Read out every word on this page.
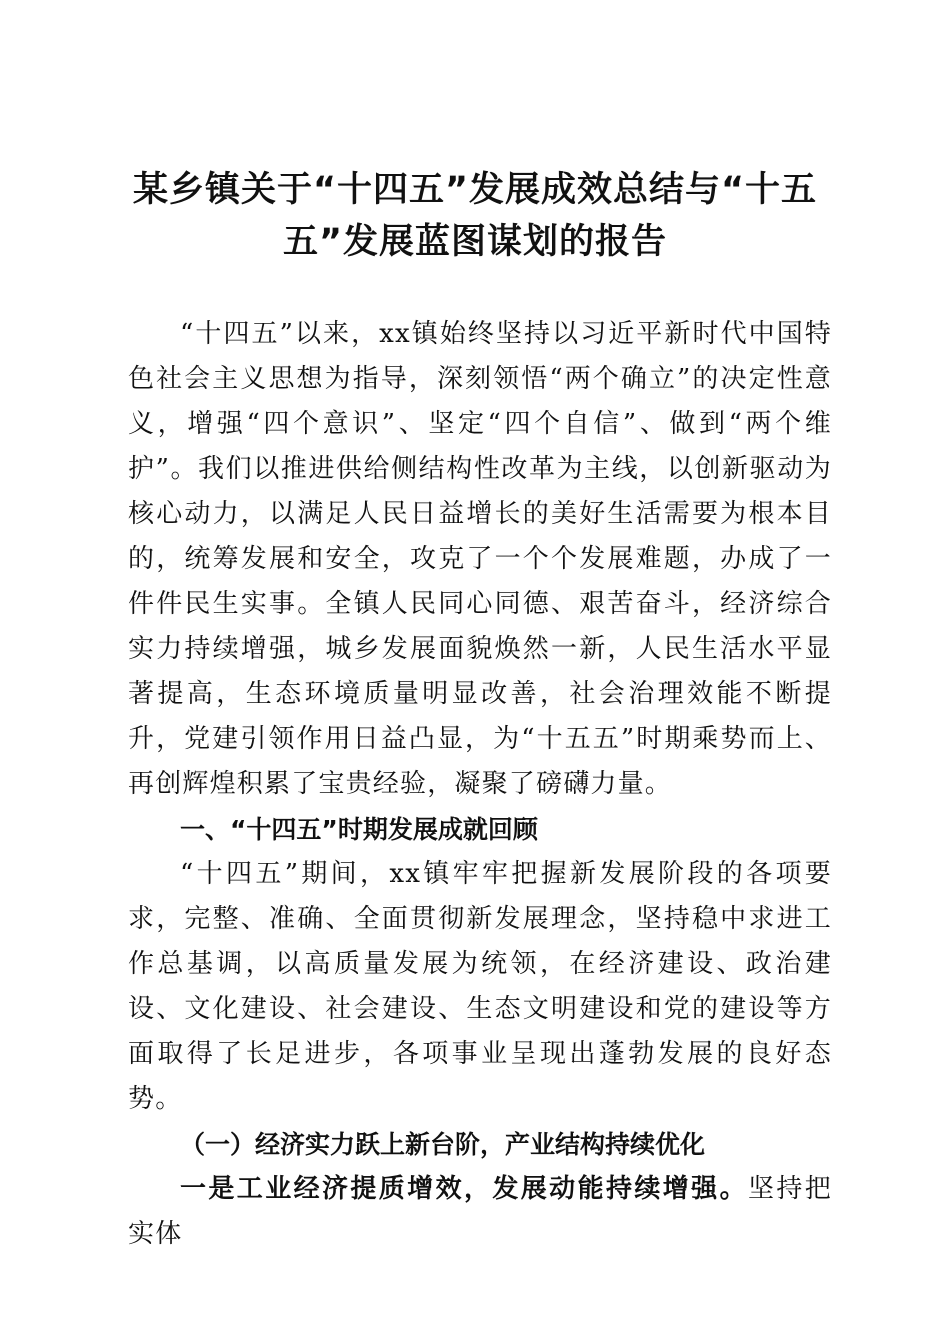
某乡镇关于“十四五”发展成效总结与“十五
五”发展蓝图谋划的报告

“十四五”以来，xx镇始终坚持以习近平新时代中国特色社会主义思想为指导，深刻领悟“两个确立”的决定性意义，增强“四个意识”、坚定“四个自信”、做到“两个维护”。我们以推进供给侧结构性改革为主线，以创新驱动为核心动力，以满足人民日益增长的美好生活需要为根本目的，统筹发展和安全，攻克了一个个发展难题，办成了一件件民生实事。全镇人民同心同德、艰苦奋斗，经济综合实力持续增强，城乡发展面貌焕然一新，人民生活水平显著提高，生态环境质量明显改善，社会治理效能不断提升，党建引领作用日益凸显，为“十五五”时期乘势而上、再创辉煌积累了宝贵经验，凝聚了磅礴力量。

一、“十四五”时期发展成就回顾

“十四五”期间，xx镇牢牢把握新发展阶段的各项要求，完整、准确、全面贯彻新发展理念，坚持稳中求进工作总基调，以高质量发展为统领，在经济建设、政治建设、文化建设、社会建设、生态文明建设和党的建设等方面取得了长足进步，各项事业呈现出蓬勃发展的良好态势。

（一）经济实力跃上新台阶，产业结构持续优化

一是工业经济提质增效，发展动能持续增强。坚持把实体
